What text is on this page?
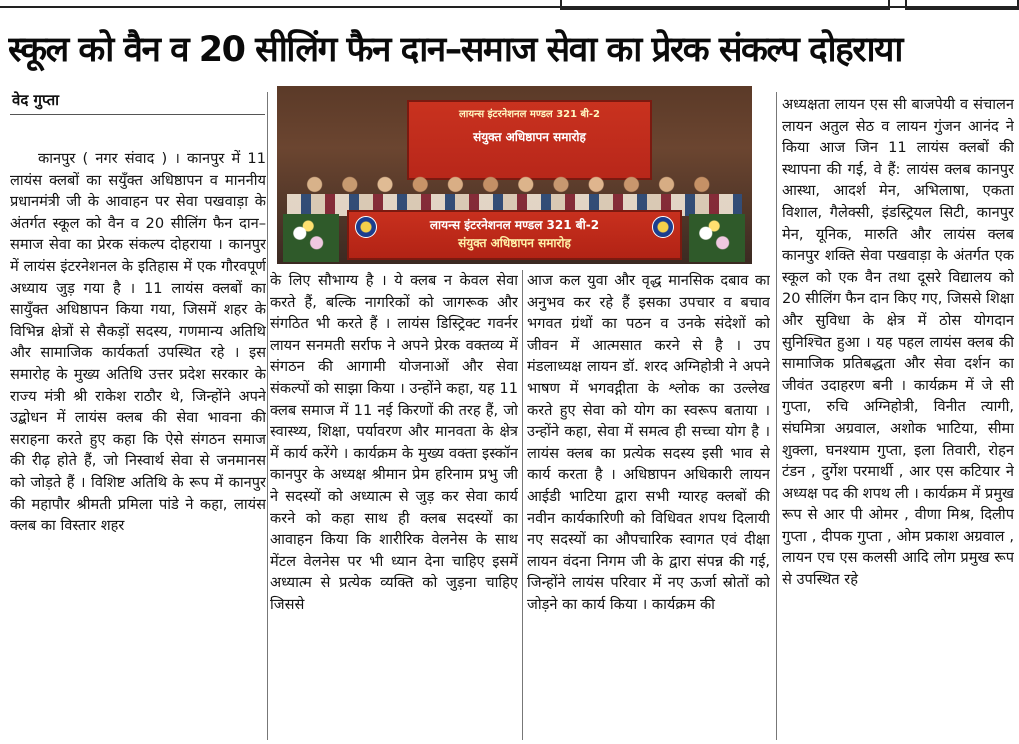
स्कूल को वैन व 20 सीलिंग फैन दान–समाज सेवा का प्रेरक संकल्प दोहराया
वेद गुप्ता
लायन्स इंटरनेशनल मण्डल 321 बी-2
संयुक्त अधिष्ठापन समारोह
लायन्स इंटरनेशनल मण्डल 321 बी-2
संयुक्त अधिष्ठापन समारोह
कानपुर ( नगर संवाद ) । कानपुर में 11 लायंस क्लबों का सयुँक्त अधिष्ठापन व माननीय प्रधानमंत्री जी के आवाहन पर सेवा पखवाड़ा के अंतर्गत स्कूल को वैन व 20 सीलिंग फैन दान–समाज सेवा का प्रेरक संकल्प दोहराया । कानपुर में लायंस इंटरनेशनल के इतिहास में एक गौरवपूर्ण अध्याय जुड़ गया है । 11 लायंस क्लबों का सायुँक्त अधिष्ठापन किया गया, जिसमें शहर के विभिन्न क्षेत्रों से सैकड़ों सदस्य, गणमान्य अतिथि और सामाजिक कार्यकर्ता उपस्थित रहे । इस समारोह के मुख्य अतिथि उत्तर प्रदेश सरकार के राज्य मंत्री श्री राकेश राठौर थे, जिन्होंने अपने उद्बोधन में लायंस क्लब की सेवा भावना की सराहना करते हुए कहा कि ऐसे संगठन समाज की रीढ़ होते हैं, जो निस्वार्थ सेवा से जनमानस को जोड़ते हैं । विशिष्ट अतिथि के रूप में कानपुर की महापौर श्रीमती प्रमिला पांडे ने कहा, लायंस क्लब का विस्तार शहर
के लिए सौभाग्य है । ये क्लब न केवल सेवा करते हैं, बल्कि नागरिकों को जागरूक और संगठित भी करते हैं । लायंस डिस्ट्रिक्ट गवर्नर लायन सनमती सर्राफ ने अपने प्रेरक वक्तव्य में संगठन की आगामी योजनाओं और सेवा संकल्पों को साझा किया । उन्होंने कहा, यह 11 क्लब समाज में 11 नई किरणों की तरह हैं, जो स्वास्थ्य, शिक्षा, पर्यावरण और मानवता के क्षेत्र में कार्य करेंगे । कार्यक्रम के मुख्य वक्ता इस्कॉन कानपुर के अध्यक्ष श्रीमान प्रेम हरिनाम प्रभु जी ने सदस्यों को अध्यात्म से जुड़ कर सेवा कार्य करने को कहा साथ ही क्लब सदस्यों का आवाहन किया कि शारीरिक वेलनेस के साथ मेंटल वेलनेस पर भी ध्यान देना चाहिए इसमें अध्यात्म से प्रत्येक व्यक्ति को जुड़ना चाहिए जिससे
आज कल युवा और वृद्ध मानसिक दबाव का अनुभव कर रहे हैं इसका उपचार व बचाव भगवत ग्रंथों का पठन व उनके संदेशों को जीवन में आत्मसात करने से है । उप मंडलाध्यक्ष लायन डॉ. शरद अग्निहोत्री ने अपने भाषण में भगवद्गीता के श्लोक का उल्लेख करते हुए सेवा को योग का स्वरूप बताया । उन्होंने कहा, सेवा में समत्व ही सच्चा योग है । लायंस क्लब का प्रत्येक सदस्य इसी भाव से कार्य करता है । अधिष्ठापन अधिकारी लायन आईडी भाटिया द्वारा सभी ग्यारह क्लबों की नवीन कार्यकारिणी को विधिवत शपथ दिलायी नए सदस्यों का औपचारिक स्वागत एवं दीक्षा लायन वंदना निगम जी के द्वारा संपन्न की गई, जिन्होंने लायंस परिवार में नए ऊर्जा स्रोतों को जोड़ने का कार्य किया । कार्यक्रम की
अध्यक्षता लायन एस सी बाजपेयी व संचालन लायन अतुल सेठ व लायन गुंजन आनंद ने किया आज जिन 11 लायंस क्लबों की स्थापना की गई, वे हैं: लायंस क्लब कानपुर आस्था, आदर्श मेन, अभिलाषा, एकता विशाल, गैलेक्सी, इंडस्ट्रियल सिटी, कानपुर मेन, यूनिक, मारुति और लायंस क्लब कानपुर शक्ति सेवा पखवाड़ा के अंतर्गत एक स्कूल को एक वैन तथा दूसरे विद्यालय को 20 सीलिंग फैन दान किए गए, जिससे शिक्षा और सुविधा के क्षेत्र में ठोस योगदान सुनिश्चित हुआ । यह पहल लायंस क्लब की सामाजिक प्रतिबद्धता और सेवा दर्शन का जीवंत उदाहरण बनी । कार्यक्रम में जे सी गुप्ता, रुचि अग्निहोत्री, विनीत त्यागी, संघमित्रा अग्रवाल, अशोक भाटिया, सीमा शुक्ला, घनश्याम गुप्ता, इला तिवारी, रोहन टंडन , दुर्गेश परमार्थी , आर एस कटियार ने अध्यक्ष पद की शपथ ली । कार्यक्रम में प्रमुख रूप से आर पी ओमर , वीणा मिश्र, दिलीप गुप्ता , दीपक गुप्ता , ओम प्रकाश अग्रवाल , लायन एच एस कलसी आदि लोग प्रमुख रूप से उपस्थित रहे
